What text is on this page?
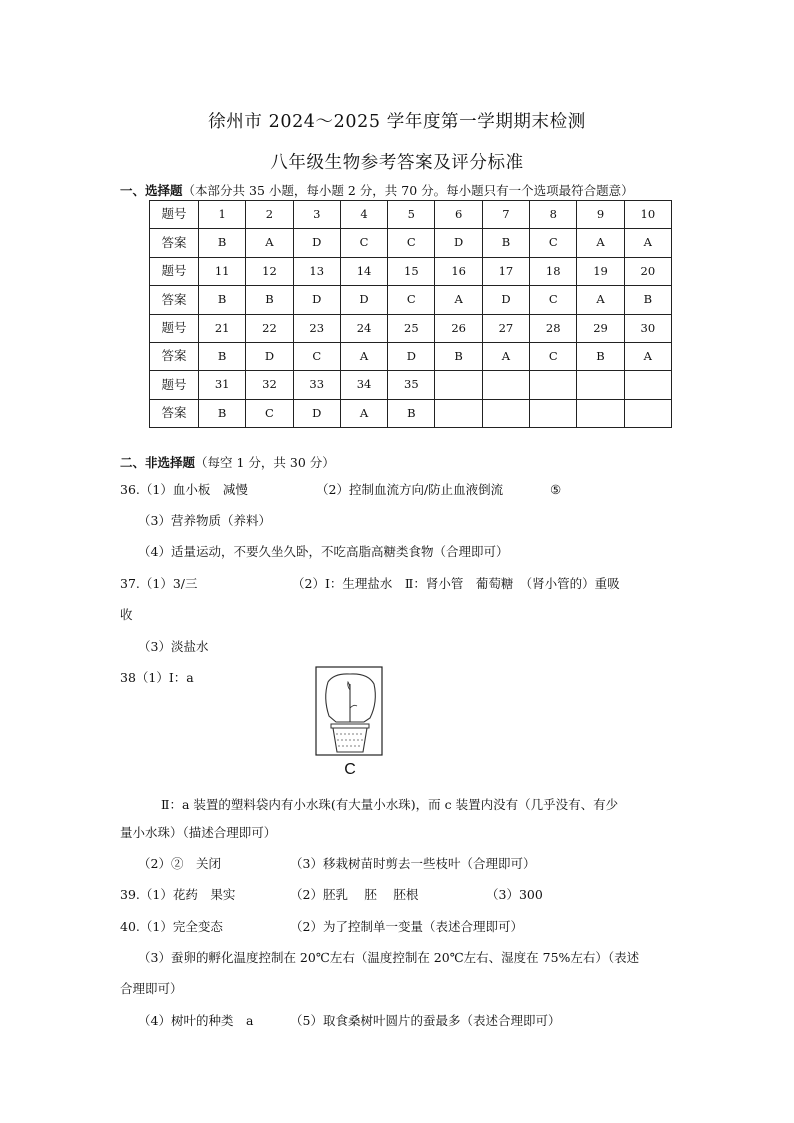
徐州市 2024～2025 学年度第一学期期末检测
八年级生物参考答案及评分标准
一、选择题（本部分共 35 小题，每小题 2 分，共 70 分。每小题只有一个选项最符合题意）
题号	1	2	3	4	5	6	7	8	9	10
答案	B	A	D	C	C	D	B	C	A	A
题号	11	12	13	14	15	16	17	18	19	20
答案	B	B	D	D	C	A	D	C	A	B
题号	21	22	23	24	25	26	27	28	29	30
答案	B	D	C	A	D	B	A	C	B	A
题号	31	32	33	34	35					
答案	B	C	D	A	B					
二、非选择题（每空 1 分，共 30 分）
36.（1）血小板　减慢	（2）控制血流方向/防止血液倒流	⑤
（3）营养物质（养料）
（4）适量运动，不要久坐久卧，不吃高脂高糖类食物（合理即可）
37.（1）3/三	（2）Ⅰ：生理盐水　Ⅱ：肾小管　葡萄糖　（肾小管的）重吸
收
（3）淡盐水
38（1）Ⅰ：a
C
Ⅱ：a 装置的塑料袋内有小水珠(有大量小水珠)，而 c 装置内没有（几乎没有、有少
量小水珠）（描述合理即可）
（2）②　关闭	（3）移栽树苗时剪去一些枝叶（合理即可）
39.（1）花药　果实	（2）胚乳　 胚　 胚根	（3）300
40.（1）完全变态	（2）为了控制单一变量（表述合理即可）
（3）蚕卵的孵化温度控制在 20℃左右（温度控制在 20℃左右、湿度在 75%左右）（表述
合理即可）
（4）树叶的种类　a	（5）取食桑树叶圆片的蚕最多（表述合理即可）
